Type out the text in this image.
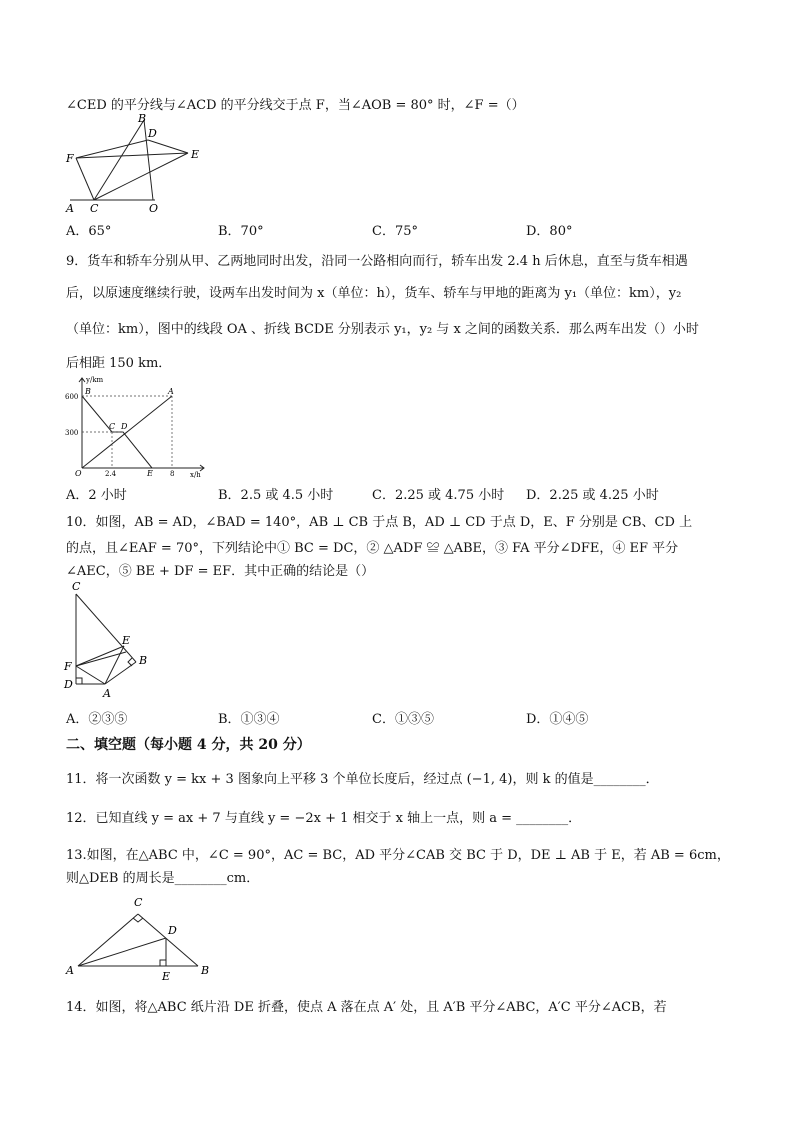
∠CED 的平分线与∠ACD 的平分线交于点 F，当∠AOB = 80° 时，∠F =（）
B
D
F	E
A C	O
A．65°	B．70°	C．75°	D．80°
9．货车和轿车分别从甲、乙两地同时出发，沿同一公路相向而行，轿车出发 2.4 h 后休息，直至与货车相遇
后，以原速度继续行驶，设两车出发时间为 x（单位：h），货车、轿车与甲地的距离为 y₁（单位：km），y₂
（单位：km），图中的线段 OA 、折线 BCDE 分别表示 y₁，y₂ 与 x 之间的函数关系．那么两车出发（）小时
后相距 150 km．
y/km
x/h
600
300
2.4	8
O
B	A
C D
E
A．2 小时	B．2.5 或 4.5 小时	C．2.25 或 4.75 小时 D．2.25 或 4.25 小时
10．如图，AB = AD，∠BAD = 140°，AB ⊥ CB 于点 B，AD ⊥ CD 于点 D，E、F 分别是 CB、CD 上
的点，且∠EAF = 70°，下列结论中① BC = DC，② △ADF ≌ △ABE，③ FA 平分∠DFE，④ EF 平分
∠AEC，⑤ BE + DF = EF．其中正确的结论是（）
C
E
F	B
D
A
A．②③⑤	B．①③④	C．①③⑤	D．①④⑤
二、填空题（每小题 4 分，共 20 分）
11．将一次函数 y = kx + 3 图象向上平移 3 个单位长度后，经过点 (−1, 4)，则 k 的值是________．
12．已知直线 y = ax + 7 与直线 y = −2x + 1 相交于 x 轴上一点，则 a = ________．
13.如图，在△ABC 中，∠C = 90°，AC = BC，AD 平分∠CAB 交 BC 于 D，DE ⊥ AB 于 E，若 AB = 6cm，
则△DEB 的周长是________cm．
C
D
A	E	B
14．如图，将△ABC 纸片沿 DE 折叠，使点 A 落在点 A′ 处，且 A′B 平分∠ABC，A′C 平分∠ACB，若
